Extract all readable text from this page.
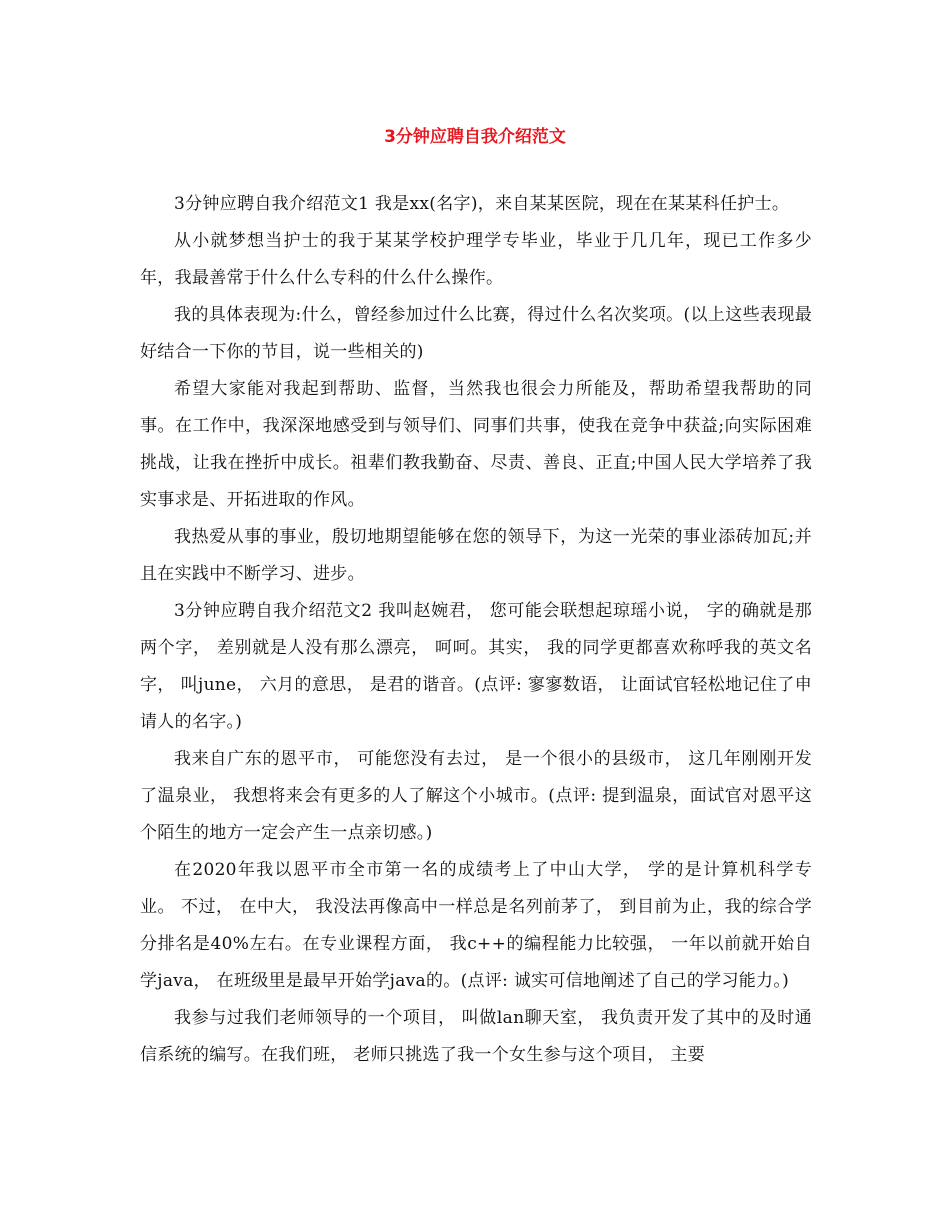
3分钟应聘自我介绍范文

3分钟应聘自我介绍范文1 我是xx(名字)，来自某某医院，现在在某某科任护士。

从小就梦想当护士的我于某某学校护理学专毕业，毕业于几几年，现已工作多少年，我最善常于什么什么专科的什么什么操作。

我的具体表现为:什么，曾经参加过什么比赛，得过什么名次奖项。(以上这些表现最好结合一下你的节目，说一些相关的)

希望大家能对我起到帮助、监督，当然我也很会力所能及，帮助希望我帮助的同事。在工作中，我深深地感受到与领导们、同事们共事，使我在竞争中获益;向实际困难挑战，让我在挫折中成长。祖辈们教我勤奋、尽责、善良、正直;中国人民大学培养了我实事求是、开拓进取的作风。

我热爱从事的事业，殷切地期望能够在您的领导下，为这一光荣的事业添砖加瓦;并且在实践中不断学习、进步。

3分钟应聘自我介绍范文2 我叫赵婉君， 您可能会联想起琼瑶小说， 字的确就是那两个字， 差别就是人没有那么漂亮， 呵呵。其实， 我的同学更都喜欢称呼我的英文名字， 叫june， 六月的意思， 是君的谐音。(点评: 寥寥数语， 让面试官轻松地记住了申请人的名字。)

我来自广东的恩平市， 可能您没有去过， 是一个很小的县级市， 这几年刚刚开发了温泉业， 我想将来会有更多的人了解这个小城市。(点评: 提到温泉，面试官对恩平这个陌生的地方一定会产生一点亲切感。)

在2020年我以恩平市全市第一名的成绩考上了中山大学， 学的是计算机科学专业。 不过， 在中大， 我没法再像高中一样总是名列前茅了， 到目前为止，我的综合学分排名是40%左右。在专业课程方面， 我c++的编程能力比较强， 一年以前就开始自学java， 在班级里是最早开始学java的。(点评: 诚实可信地阐述了自己的学习能力。)

我参与过我们老师领导的一个项目， 叫做lan聊天室， 我负责开发了其中的及时通信系统的编写。在我们班， 老师只挑选了我一个女生参与这个项目， 主要
